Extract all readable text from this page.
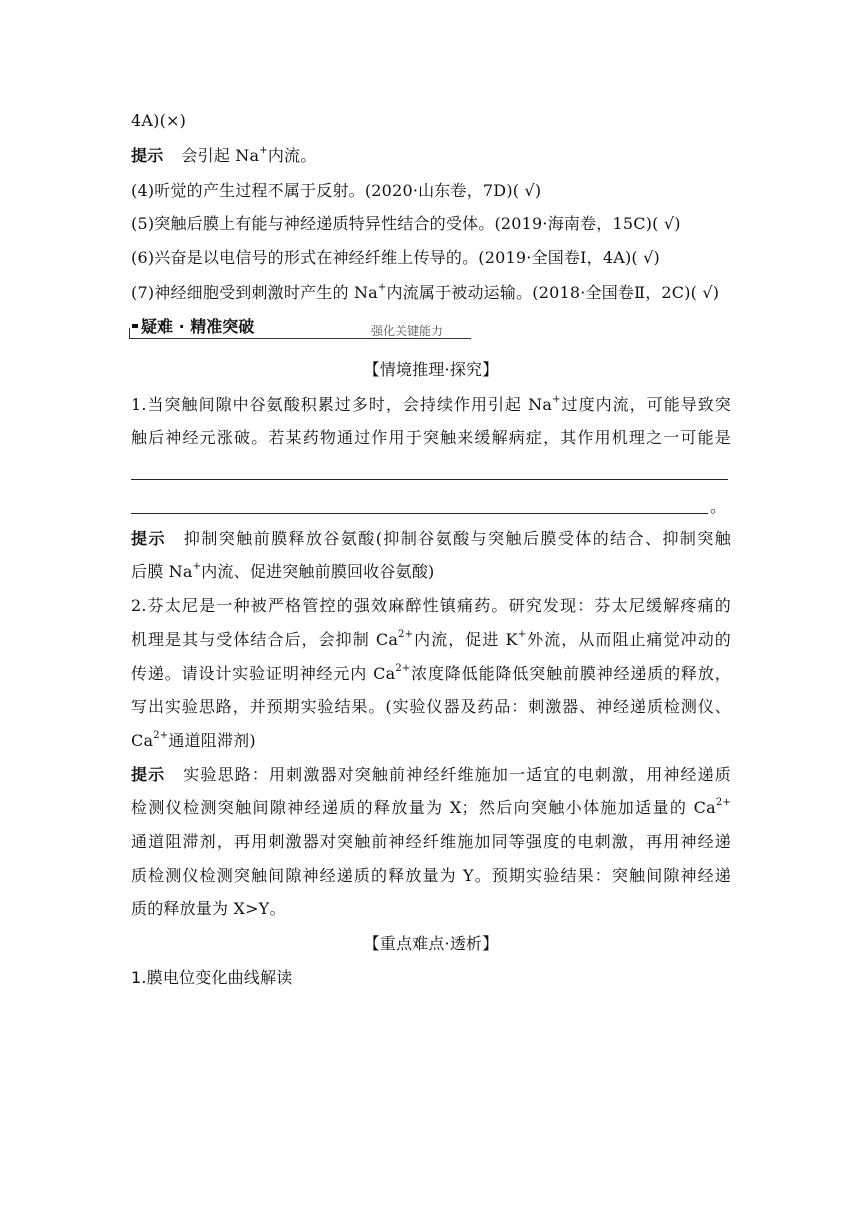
4A)(×)
提示 会引起 Na+内流。
(4)听觉的产生过程不属于反射。(2020·山东卷，7D)( √)
(5)突触后膜上有能与神经递质特异性结合的受体。(2019·海南卷，15C)( √)
(6)兴奋是以电信号的形式在神经纤维上传导的。(2019·全国卷Ⅰ，4A)( √)
(7)神经细胞受到刺激时产生的 Na+内流属于被动运输。(2018·全国卷Ⅱ，2C)( √)
疑难 · 精准突破	强化关键能力
【情境推理·探究】
1.当突触间隙中谷氨酸积累过多时，会持续作用引起 Na+过度内流，可能导致突
触后神经元涨破。若某药物通过作用于突触来缓解病症，其作用机理之一可能是
。
提示 抑制突触前膜释放谷氨酸(抑制谷氨酸与突触后膜受体的结合、抑制突触
后膜 Na+内流、促进突触前膜回收谷氨酸)
2.芬太尼是一种被严格管控的强效麻醉性镇痛药。研究发现：芬太尼缓解疼痛的
机理是其与受体结合后，会抑制 $Ca^{2+}$内流，促进 K+外流，从而阻止痛觉冲动的
传递。请设计实验证明神经元内 $Ca^{2+}$浓度降低能降低突触前膜神经递质的释放，
写出实验思路，并预期实验结果。(实验仪器及药品：刺激器、神经递质检测仪、
$Ca^{2+}$通道阻滞剂)
提示 实验思路：用刺激器对突触前神经纤维施加一适宜的电刺激，用神经递质
检测仪检测突触间隙神经递质的释放量为 X；然后向突触小体施加适量的 $Ca^{2+}$
通道阻滞剂，再用刺激器对突触前神经纤维施加同等强度的电刺激，再用神经递
质检测仪检测突触间隙神经递质的释放量为 Y。预期实验结果：突触间隙神经递
质的释放量为 X>Y。
【重点难点·透析】
1.膜电位变化曲线解读
